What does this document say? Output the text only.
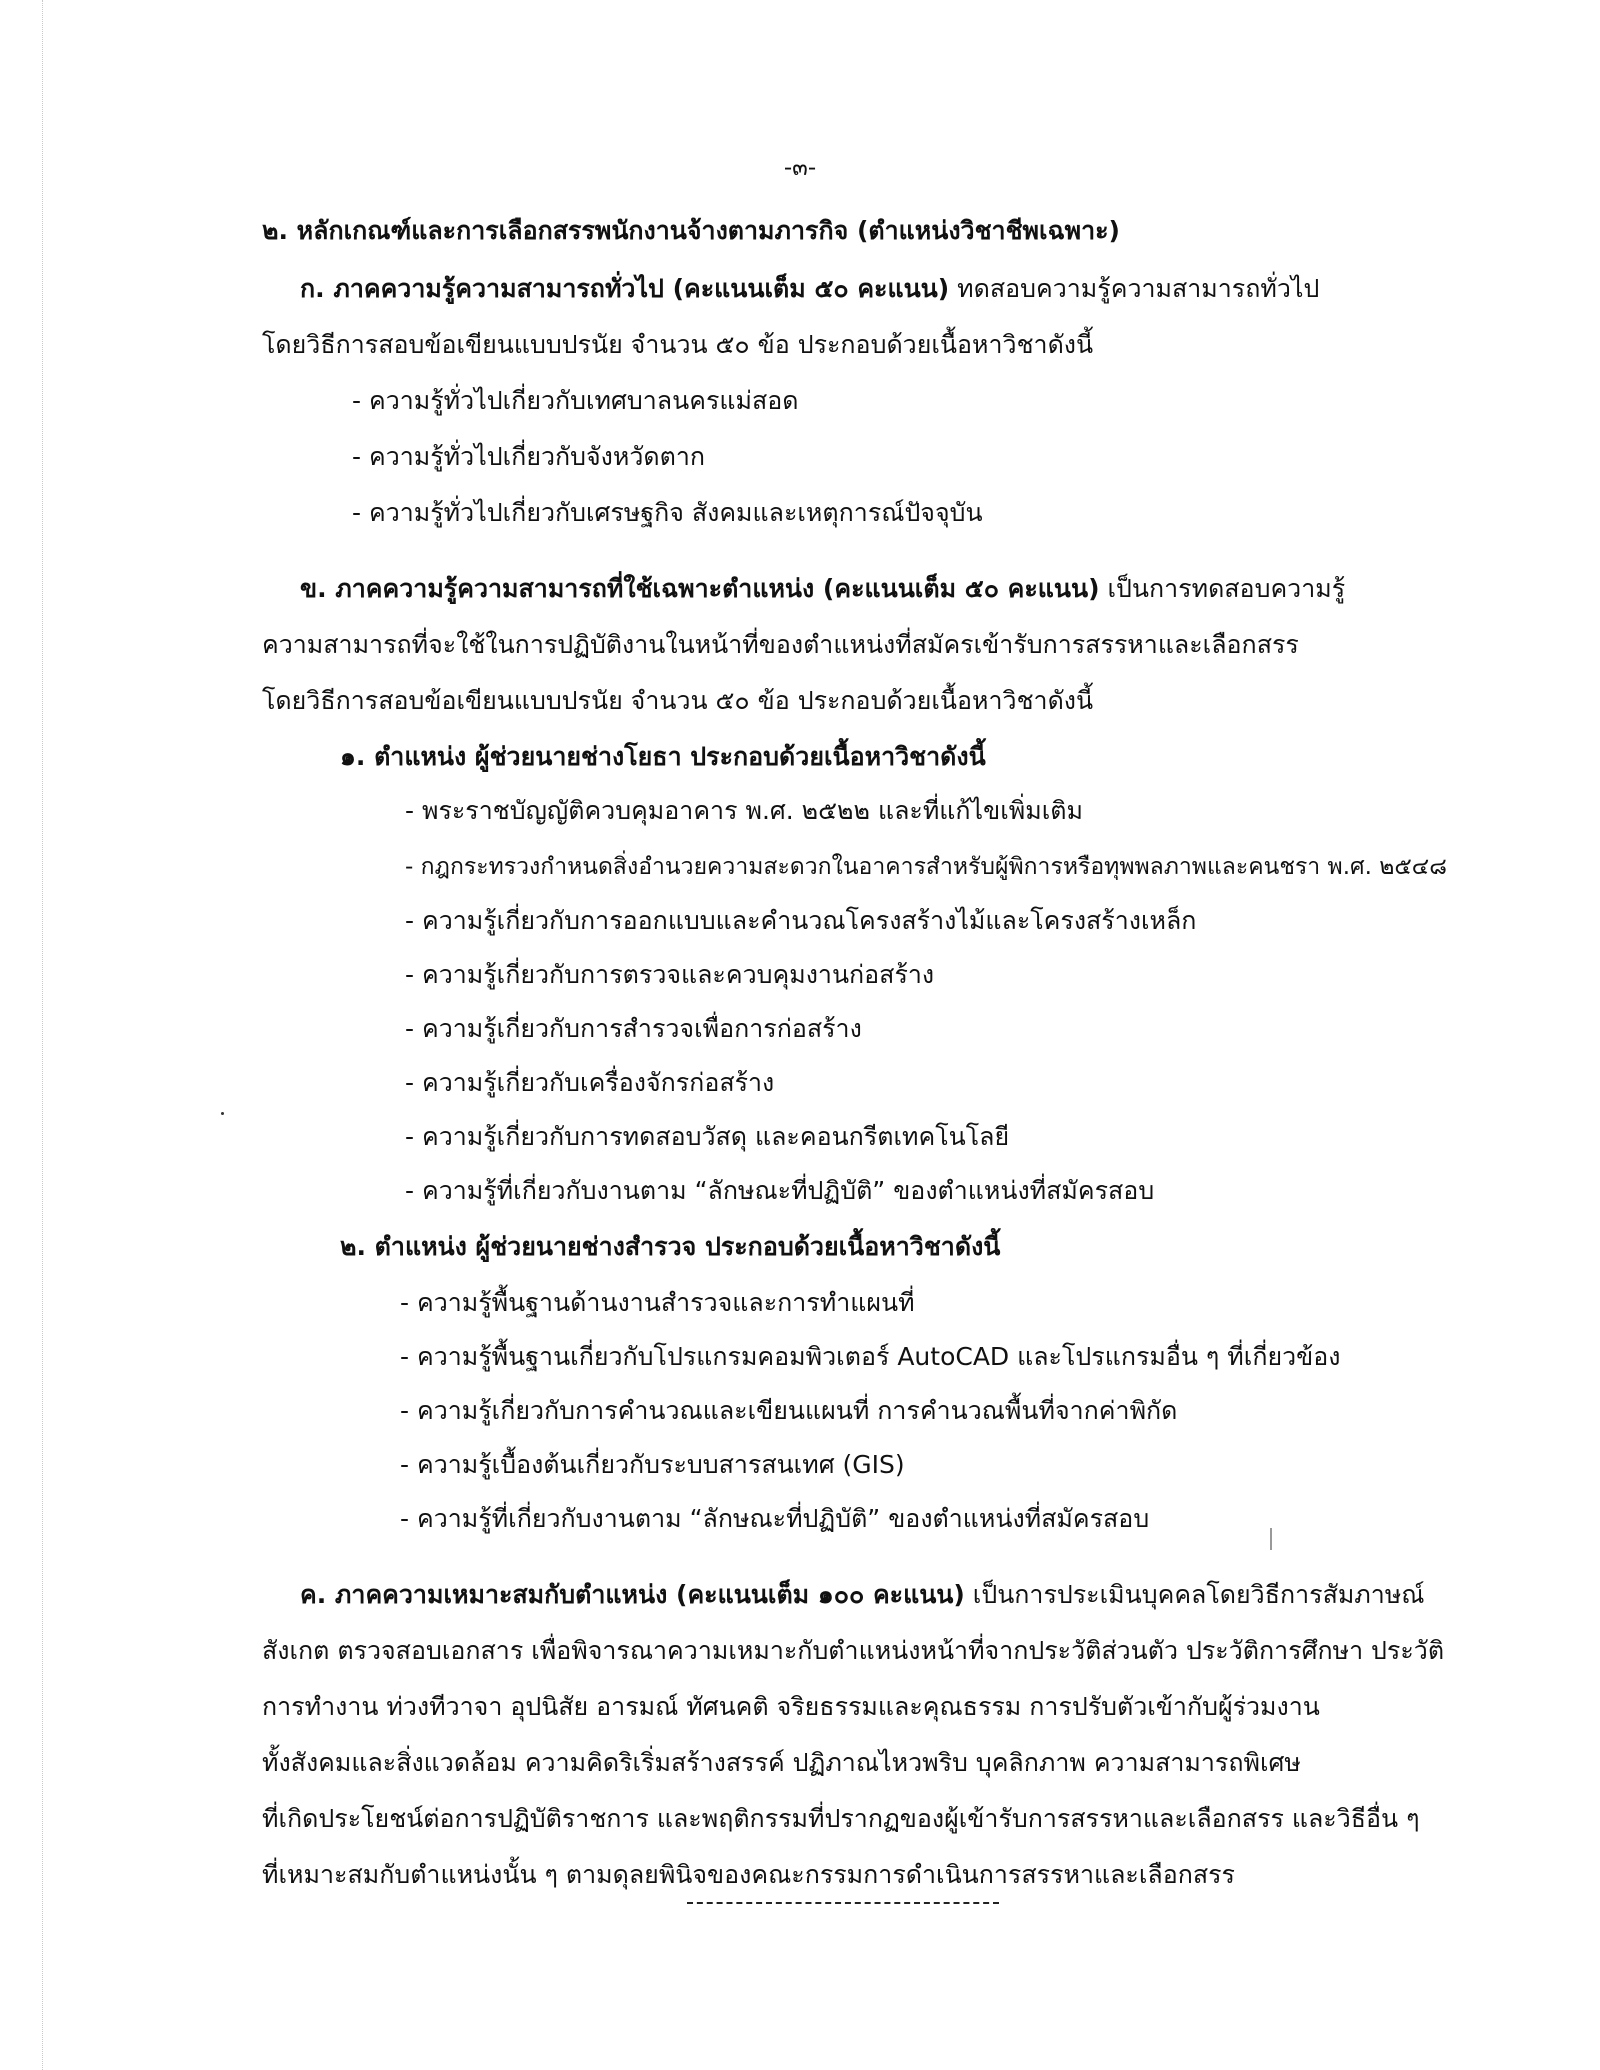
-๓-
๒. หลักเกณฑ์และการเลือกสรรพนักงานจ้างตามภารกิจ (ตำแหน่งวิชาชีพเฉพาะ)
ก. ภาคความรู้ความสามารถทั่วไป (คะแนนเต็ม ๕๐ คะแนน) ทดสอบความรู้ความสามารถทั่วไป
โดยวิธีการสอบข้อเขียนแบบปรนัย จำนวน ๕๐ ข้อ ประกอบด้วยเนื้อหาวิชาดังนี้
- ความรู้ทั่วไปเกี่ยวกับเทศบาลนครแม่สอด
- ความรู้ทั่วไปเกี่ยวกับจังหวัดตาก
- ความรู้ทั่วไปเกี่ยวกับเศรษฐกิจ สังคมและเหตุการณ์ปัจจุบัน
ข. ภาคความรู้ความสามารถที่ใช้เฉพาะตำแหน่ง (คะแนนเต็ม ๕๐ คะแนน) เป็นการทดสอบความรู้
ความสามารถที่จะใช้ในการปฏิบัติงานในหน้าที่ของตำแหน่งที่สมัครเข้ารับการสรรหาและเลือกสรร
โดยวิธีการสอบข้อเขียนแบบปรนัย จำนวน ๕๐ ข้อ ประกอบด้วยเนื้อหาวิชาดังนี้
๑. ตำแหน่ง ผู้ช่วยนายช่างโยธา ประกอบด้วยเนื้อหาวิชาดังนี้
- พระราชบัญญัติควบคุมอาคาร พ.ศ. ๒๕๒๒ และที่แก้ไขเพิ่มเติม
- กฎกระทรวงกำหนดสิ่งอำนวยความสะดวกในอาคารสำหรับผู้พิการหรือทุพพลภาพและคนชรา พ.ศ. ๒๕๔๘
- ความรู้เกี่ยวกับการออกแบบและคำนวณโครงสร้างไม้และโครงสร้างเหล็ก
- ความรู้เกี่ยวกับการตรวจและควบคุมงานก่อสร้าง
- ความรู้เกี่ยวกับการสำรวจเพื่อการก่อสร้าง
- ความรู้เกี่ยวกับเครื่องจักรก่อสร้าง
- ความรู้เกี่ยวกับการทดสอบวัสดุ และคอนกรีตเทคโนโลยี
- ความรู้ที่เกี่ยวกับงานตาม “ลักษณะที่ปฏิบัติ” ของตำแหน่งที่สมัครสอบ
๒. ตำแหน่ง ผู้ช่วยนายช่างสำรวจ ประกอบด้วยเนื้อหาวิชาดังนี้
- ความรู้พื้นฐานด้านงานสำรวจและการทำแผนที่
- ความรู้พื้นฐานเกี่ยวกับโปรแกรมคอมพิวเตอร์ AutoCAD และโปรแกรมอื่น ๆ ที่เกี่ยวข้อง
- ความรู้เกี่ยวกับการคำนวณและเขียนแผนที่ การคำนวณพื้นที่จากค่าพิกัด
- ความรู้เบื้องต้นเกี่ยวกับระบบสารสนเทศ (GIS)
- ความรู้ที่เกี่ยวกับงานตาม “ลักษณะที่ปฏิบัติ” ของตำแหน่งที่สมัครสอบ
ค. ภาคความเหมาะสมกับตำแหน่ง (คะแนนเต็ม ๑๐๐ คะแนน) เป็นการประเมินบุคคลโดยวิธีการสัมภาษณ์
สังเกต ตรวจสอบเอกสาร เพื่อพิจารณาความเหมาะกับตำแหน่งหน้าที่จากประวัติส่วนตัว ประวัติการศึกษา ประวัติ
การทำงาน ท่วงทีวาจา อุปนิสัย อารมณ์ ทัศนคติ จริยธรรมและคุณธรรม การปรับตัวเข้ากับผู้ร่วมงาน
ทั้งสังคมและสิ่งแวดล้อม ความคิดริเริ่มสร้างสรรค์ ปฏิภาณไหวพริบ บุคลิกภาพ ความสามารถพิเศษ
ที่เกิดประโยชน์ต่อการปฏิบัติราชการ และพฤติกรรมที่ปรากฏของผู้เข้ารับการสรรหาและเลือกสรร และวิธีอื่น ๆ
ที่เหมาะสมกับตำแหน่งนั้น ๆ ตามดุลยพินิจของคณะกรรมการดำเนินการสรรหาและเลือกสรร
